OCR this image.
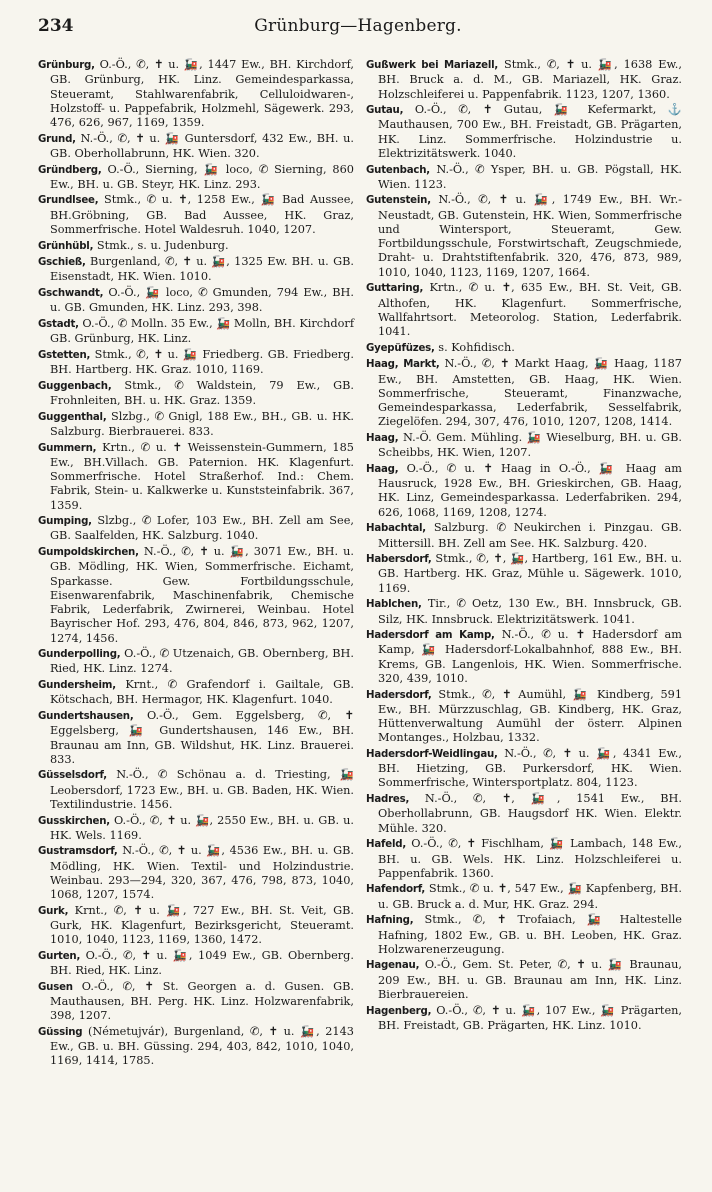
234	Grünburg—Hagenberg.

Grünburg, O.-Ö., ✆, ✝ u. 🚂, 1447 Ew., BH. Kirchdorf, GB. Grünburg, HK. Linz. Gemeindesparkassa, Steueramt, Stahlwarenfabrik, Celluloidwaren-, Holzstoff- u. Pappefabrik, Holzmehl, Sägewerk. 293, 476, 626, 967, 1169, 1359.

Grund, N.-Ö., ✆, ✝ u. 🚂 Guntersdorf, 432 Ew., BH. u. GB. Oberhollabrunn, HK. Wien. 320.

Gründberg, O.-Ö., Sierning, 🚂 loco, ✆ Sierning, 860 Ew., BH. u. GB. Steyr, HK. Linz. 293.

Grundlsee, Stmk., ✆ u. ✝, 1258 Ew., 🚂 Bad Aussee, BH.Gröbning, GB. Bad Aussee, HK. Graz, Sommerfrische. Hotel Waldesruh. 1040, 1207.

Grünhübl, Stmk., s. u. Judenburg.

Gschieß, Burgenland, ✆, ✝ u. 🚂, 1325 Ew. BH. u. GB. Eisenstadt, HK. Wien. 1010.

Gschwandt, O.-Ö., 🚂 loco, ✆ Gmunden, 794 Ew., BH. u. GB. Gmunden, HK. Linz. 293, 398.

Gstadt, O.-Ö., ✆ Molln. 35 Ew., 🚂 Molln, BH. Kirchdorf GB. Grünburg, HK. Linz.

Gstetten, Stmk., ✆, ✝ u. 🚂 Friedberg. GB. Friedberg. BH. Hartberg. HK. Graz. 1010, 1169.

Guggenbach, Stmk., ✆ Waldstein, 79 Ew., GB. Frohnleiten, BH. u. HK. Graz. 1359.

Guggenthal, Slzbg., ✆ Gnigl, 188 Ew., BH., GB. u. HK. Salzburg. Bierbrauerei. 833.

Gummern, Krtn., ✆ u. ✝ Weissenstein-Gummern, 185 Ew., BH.Villach. GB. Paternion. HK. Klagenfurt. Sommerfrische. Hotel Straßerhof. Ind.: Chem. Fabrik, Stein- u. Kalkwerke u. Kunststeinfabrik. 367, 1359.

Gumping, Slzbg., ✆ Lofer, 103 Ew., BH. Zell am See, GB. Saalfelden, HK. Salzburg. 1040.

Gumpoldskirchen, N.-Ö., ✆, ✝ u. 🚂, 3071 Ew., BH. u. GB. Mödling, HK. Wien, Sommerfrische. Eichamt, Sparkasse. Gew. Fortbildungsschule, Eisenwarenfabrik, Maschinenfabrik, Chemische Fabrik, Lederfabrik, Zwirnerei, Weinbau. Hotel Bayrischer Hof. 293, 476, 804, 846, 873, 962, 1207, 1274, 1456.

Gunderpolling, O.-Ö., ✆ Utzenaich, GB. Obernberg, BH. Ried, HK. Linz. 1274.

Gundersheim, Krnt., ✆ Grafendorf i. Gailtale, GB. Kötschach, BH. Hermagor, HK. Klagenfurt. 1040.

Gundertshausen, O.-Ö., Gem. Eggelsberg, ✆, ✝ Eggelsberg, 🚂 Gundertshausen, 146 Ew., BH. Braunau am Inn, GB. Wildshut, HK. Linz. Brauerei. 833.

Güsselsdorf, N.-Ö., ✆ Schönau a. d. Triesting, 🚂 Leobersdorf, 1723 Ew., BH. u. GB. Baden, HK. Wien. Textilindustrie. 1456.

Gusskirchen, O.-Ö., ✆, ✝ u. 🚂, 2550 Ew., BH. u. GB. u. HK. Wels. 1169.

Gustramsdorf, N.-Ö., ✆, ✝ u. 🚂, 4536 Ew., BH. u. GB. Mödling, HK. Wien. Textil- und Holzindustrie. Weinbau. 293—294, 320, 367, 476, 798, 873, 1040, 1068, 1207, 1574.

Gurk, Krnt., ✆, ✝ u. 🚂, 727 Ew., BH. St. Veit, GB. Gurk, HK. Klagenfurt, Bezirksgericht, Steueramt. 1010, 1040, 1123, 1169, 1360, 1472.

Gurten, O.-Ö., ✆, ✝ u. 🚂, 1049 Ew., GB. Obernberg. BH. Ried, HK. Linz.

Gusen O.-Ö., ✆, ✝ St. Georgen a. d. Gusen. GB. Mauthausen, BH. Perg. HK. Linz. Holzwarenfabrik, 398, 1207.

Güssing (Németujvár), Burgenland, ✆, ✝ u. 🚂, 2143 Ew., GB. u. BH. Güssing. 294, 403, 842, 1010, 1040, 1169, 1414, 1785.

Gußwerk bei Mariazell, Stmk., ✆, ✝ u. 🚂, 1638 Ew., BH. Bruck a. d. M., GB. Mariazell, HK. Graz. Holzschleiferei u. Pappenfabrik. 1123, 1207, 1360.

Gutau, O.-Ö., ✆, ✝ Gutau, 🚂 Kefermarkt, ⚓ Mauthausen, 700 Ew., BH. Freistadt, GB. Prägarten, HK. Linz. Sommerfrische. Holzindustrie u. Elektrizitätswerk. 1040.

Gutenbach, N.-Ö., ✆ Ysper, BH. u. GB. Pögstall, HK. Wien. 1123.

Gutenstein, N.-Ö., ✆, ✝ u. 🚂, 1749 Ew., BH. Wr.-Neustadt, GB. Gutenstein, HK. Wien, Sommerfrische und Wintersport, Steueramt, Gew. Fortbildungsschule, Forstwirtschaft, Zeugschmiede, Draht- u. Drahtstiftenfabrik. 320, 476, 873, 989, 1010, 1040, 1123, 1169, 1207, 1664.

Guttaring, Krtn., ✆ u. ✝, 635 Ew., BH. St. Veit, GB. Althofen, HK. Klagenfurt. Sommerfrische, Wallfahrtsort. Meteorolog. Station, Lederfabrik. 1041.

Gyepüfüzes, s. Kohfidisch.

Haag, Markt, N.-Ö., ✆, ✝ Markt Haag, 🚂 Haag, 1187 Ew., BH. Amstetten, GB. Haag, HK. Wien. Sommerfrische, Steueramt, Finanzwache, Gemeindesparkassa, Lederfabrik, Sesselfabrik, Ziegelöfen. 294, 307, 476, 1010, 1207, 1208, 1414.

Haag, N.-Ö. Gem. Mühling. 🚂 Wieselburg, BH. u. GB. Scheibbs, HK. Wien, 1207.

Haag, O.-Ö., ✆ u. ✝ Haag in O.-Ö., 🚂 Haag am Hausruck, 1928 Ew., BH. Grieskirchen, GB. Haag, HK. Linz, Gemeindesparkassa. Lederfabriken. 294, 626, 1068, 1169, 1208, 1274.

Habachtal, Salzburg. ✆ Neukirchen i. Pinzgau. GB. Mittersill. BH. Zell am See. HK. Salzburg. 420.

Habersdorf, Stmk., ✆, ✝, 🚂, Hartberg, 161 Ew., BH. u. GB. Hartberg. HK. Graz, Mühle u. Sägewerk. 1010, 1169.

Hablchen, Tir., ✆ Oetz, 130 Ew., BH. Innsbruck, GB. Silz, HK. Innsbruck. Elektrizitätswerk. 1041.

Hadersdorf am Kamp, N.-Ö., ✆ u. ✝ Hadersdorf am Kamp, 🚂 Hadersdorf-Lokalbahnhof, 888 Ew., BH. Krems, GB. Langenlois, HK. Wien. Sommerfrische. 320, 439, 1010.

Hadersdorf, Stmk., ✆, ✝ Aumühl, 🚂 Kindberg, 591 Ew., BH. Mürzzuschlag, GB. Kindberg, HK. Graz, Hüttenverwaltung Aumühl der österr. Alpinen Montanges., Holzbau, 1332.

Hadersdorf-Weidlingau, N.-Ö., ✆, ✝ u. 🚂, 4341 Ew., BH. Hietzing, GB. Purkersdorf, HK. Wien. Sommerfrische, Wintersportplatz. 804, 1123.

Hadres, N.-Ö., ✆, ✝, 🚂, 1541 Ew., BH. Oberhollabrunn, GB. Haugsdorf HK. Wien. Elektr. Mühle. 320.

Hafeld, O.-Ö., ✆, ✝ Fischlham, 🚂 Lambach, 148 Ew., BH. u. GB. Wels. HK. Linz. Holzschleiferei u. Pappenfabrik. 1360.

Hafendorf, Stmk., ✆ u. ✝, 547 Ew., 🚂 Kapfenberg, BH. u. GB. Bruck a. d. Mur, HK. Graz. 294.

Hafning, Stmk., ✆, ✝ Trofaiach, 🚂 Haltestelle Hafning, 1802 Ew., GB. u. BH. Leoben, HK. Graz. Holzwarenerzeugung.

Hagenau, O.-Ö., Gem. St. Peter, ✆, ✝ u. 🚂 Braunau, 209 Ew., BH. u. GB. Braunau am Inn, HK. Linz. Bierbrauereien.

Hagenberg, O.-Ö., ✆, ✝ u. 🚂, 107 Ew., 🚂 Prägarten, BH. Freistadt, GB. Prägarten, HK. Linz. 1010.
